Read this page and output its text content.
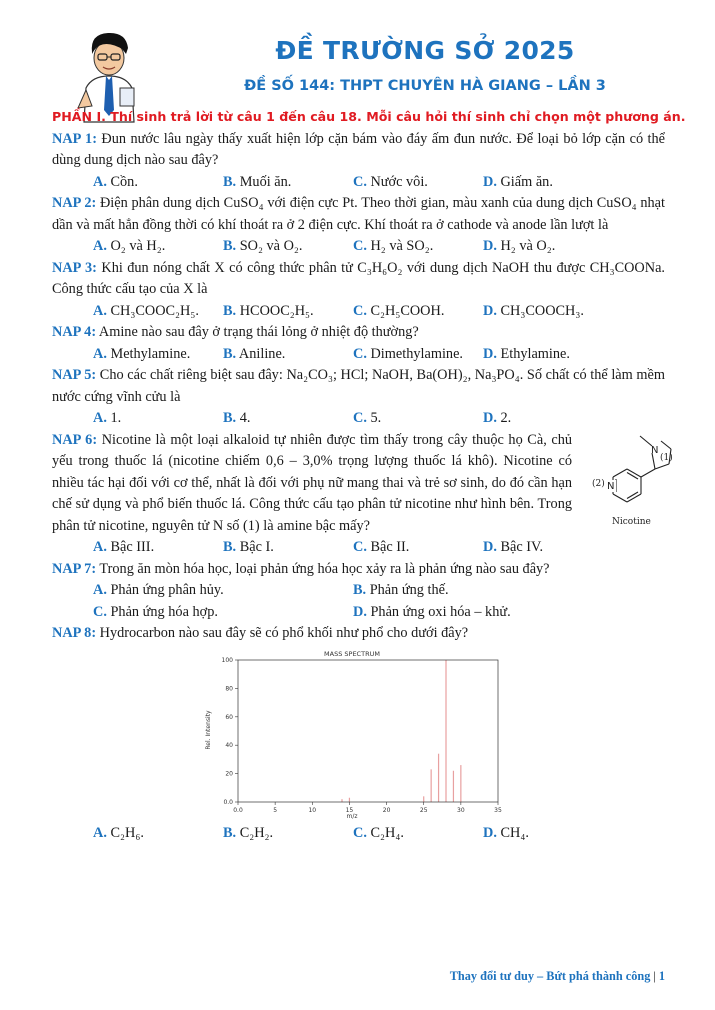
ĐỀ TRƯỜNG SỞ 2025
ĐỀ SỐ 144: THPT CHUYÊN HÀ GIANG – LẦN 3
PHẦN I. Thí sinh trả lời từ câu 1 đến câu 18. Mỗi câu hỏi thí sinh chỉ chọn một phương án.
NAP 1: Đun nước lâu ngày thấy xuất hiện lớp cặn bám vào đáy ấm đun nước. Để loại bỏ lớp cặn có thể dùng dung dịch nào sau đây?
A. Cồn.	B. Muối ăn.	C. Nước vôi.	D. Giấm ăn.
NAP 2: Điện phân dung dịch CuSO₄ với điện cực Pt. Theo thời gian, màu xanh của dung dịch CuSO₄ nhạt dần và mất hẳn đồng thời có khí thoát ra ở 2 điện cực. Khí thoát ra ở cathode và anode lần lượt là
A. O₂ và H₂.	B. SO₂ và O₂.	C. H₂ và SO₂.	D. H₂ và O₂.
NAP 3: Khi đun nóng chất X có công thức phân tử C₃H₆O₂ với dung dịch NaOH thu được CH₃COONa. Công thức cấu tạo của X là
A. CH₃COOC₂H₅.	B. HCOOC₂H₅.	C. C₂H₅COOH.	D. CH₃COOCH₃.
NAP 4: Amine nào sau đây ở trạng thái lỏng ở nhiệt độ thường?
A. Methylamine.	B. Aniline.	C. Dimethylamine.	D. Ethylamine.
NAP 5: Cho các chất riêng biệt sau đây: Na₂CO₃; HCl; NaOH, Ba(OH)₂, Na₃PO₄. Số chất có thể làm mềm nước cứng vĩnh cửu là
A. 1.	B. 4.	C. 5.	D. 2.
NAP 6: Nicotine là một loại alkaloid tự nhiên được tìm thấy trong cây thuộc họ Cà, chủ yếu trong thuốc lá (nicotine chiếm 0,6 – 3,0% trọng lượng thuốc lá khô). Nicotine có nhiều tác hại đối với cơ thể, nhất là đối với phụ nữ mang thai và trẻ sơ sinh, do đó cần hạn chế sử dụng và phổ biến thuốc lá. Công thức cấu tạo phân tử nicotine như hình bên. Trong phân tử nicotine, nguyên tử N số (1) là amine bậc mấy?
N
(2)
N
(1)
Nicotine
A. Bậc III.	B. Bậc I.	C. Bậc II.	D. Bậc IV.
NAP 7: Trong ăn mòn hóa học, loại phản ứng hóa học xảy ra là phản ứng nào sau đây?
A. Phản ứng phân hủy.	B. Phản ứng thế.
C. Phản ứng hóa hợp.	D. Phản ứng oxi hóa – khử.
NAP 8: Hydrocarbon nào sau đây sẽ có phổ khối như phổ cho dưới đây?
MASS SPECTRUM
Rel. Intensity
m/z
0.0	5	10	15	20	25	30	35
0.0
20
40
60
80
100
A. C₂H₆.	B. C₂H₂.	C. C₂H₄.	D. CH₄.
Thay đổi tư duy – Bứt phá thành công | 1
